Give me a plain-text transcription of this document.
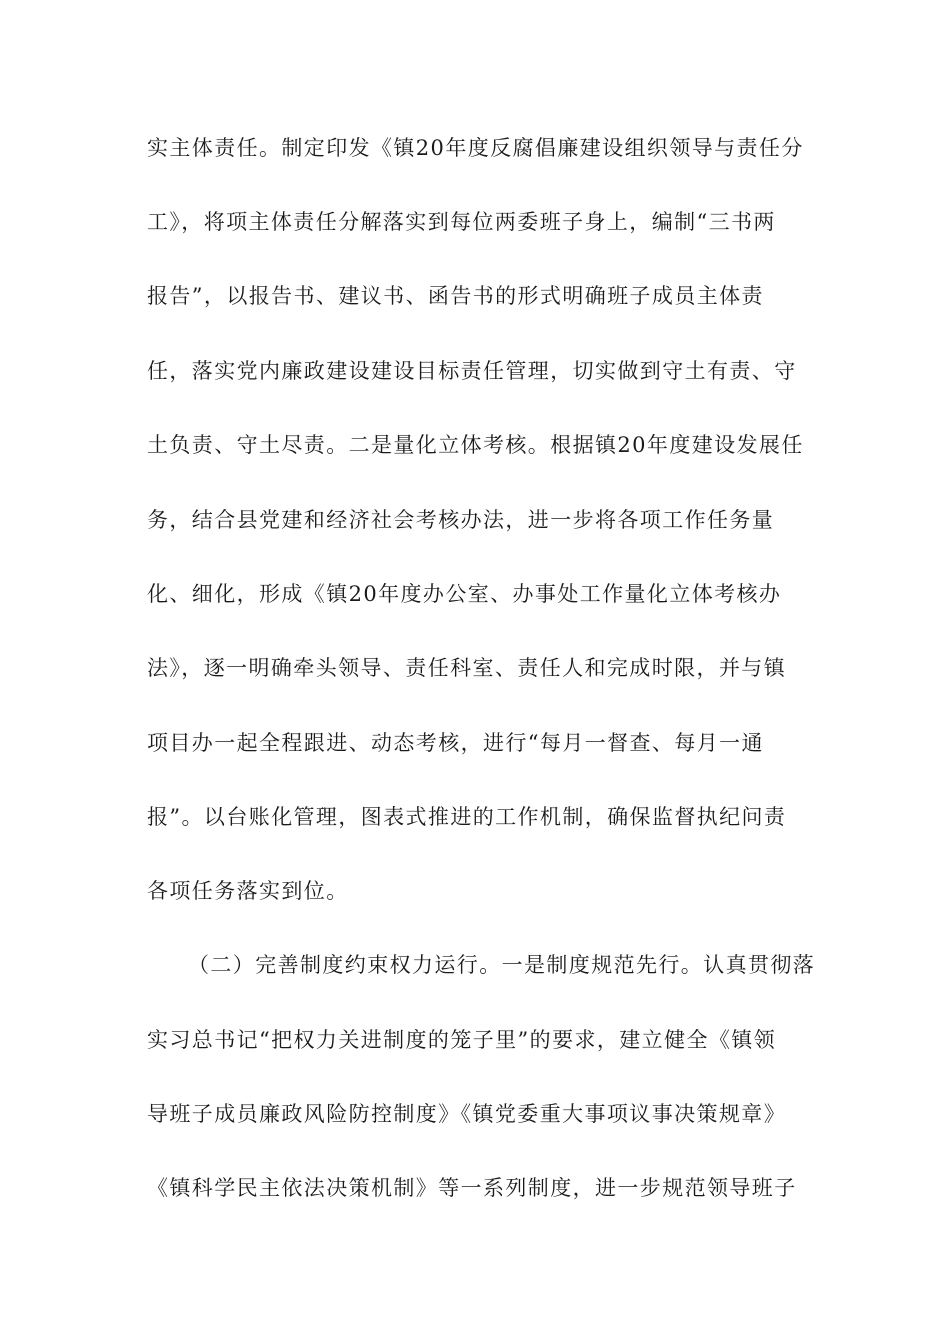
实主体责任。制定印发《镇20年度反腐倡廉建设组织领导与责任分
工》，将项主体责任分解落实到每位两委班子身上，编制“三书两
报告”，以报告书、建议书、函告书的形式明确班子成员主体责
任，落实党内廉政建设建设目标责任管理，切实做到守土有责、守
土负责、守土尽责。二是量化立体考核。根据镇20年度建设发展任
务，结合县党建和经济社会考核办法，进一步将各项工作任务量
化、细化，形成《镇20年度办公室、办事处工作量化立体考核办
法》，逐一明确牵头领导、责任科室、责任人和完成时限，并与镇
项目办一起全程跟进、动态考核，进行“每月一督查、每月一通
报”。以台账化管理，图表式推进的工作机制，确保监督执纪问责
各项任务落实到位。
（二）完善制度约束权力运行。一是制度规范先行。认真贯彻落
实习总书记“把权力关进制度的笼子里”的要求，建立健全《镇领
导班子成员廉政风险防控制度》《镇党委重大事项议事决策规章》
《镇科学民主依法决策机制》等一系列制度，进一步规范领导班子
